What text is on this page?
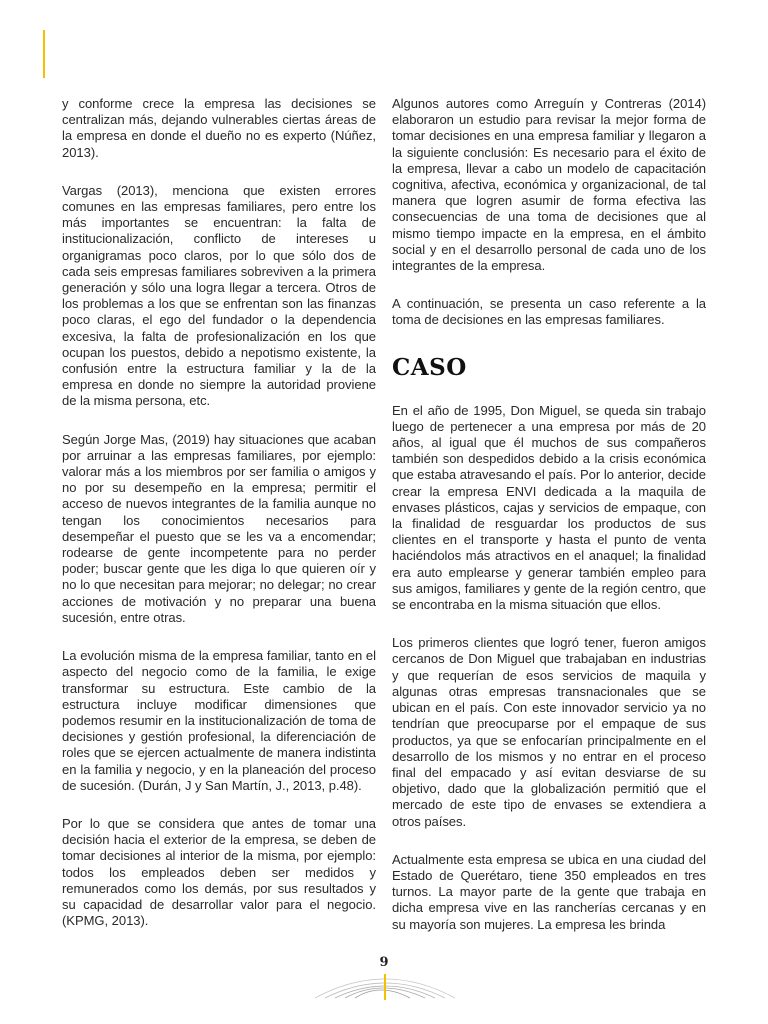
y conforme crece la empresa las decisiones se centralizan más, dejando vulnerables ciertas áreas de la empresa en donde el dueño no es experto (Núñez, 2013).

Vargas (2013), menciona que existen errores comunes en las empresas familiares, pero entre los más importantes se encuentran: la falta de institucionalización, conflicto de intereses u organigramas poco claros, por lo que sólo dos de cada seis empresas familiares sobreviven a la primera generación y sólo una logra llegar a tercera. Otros de los problemas a los que se enfrentan son las finanzas poco claras, el ego del fundador o la dependencia excesiva, la falta de profesionalización en los que ocupan los puestos, debido a nepotismo existente, la confusión entre la estructura familiar y la de la empresa en donde no siempre la autoridad proviene de la misma persona, etc.

Según Jorge Mas, (2019) hay situaciones que acaban por arruinar a las empresas familiares, por ejemplo: valorar más a los miembros por ser familia o amigos y no por su desempeño en la empresa; permitir el acceso de nuevos integrantes de la familia aunque no tengan los conocimientos necesarios para desempeñar el puesto que se les va a encomendar; rodearse de gente incompetente para no perder poder; buscar gente que les diga lo que quieren oír y no lo que necesitan para mejorar; no delegar; no crear acciones de motivación y no preparar una buena sucesión, entre otras.

La evolución misma de la empresa familiar, tanto en el aspecto del negocio como de la familia, le exige transformar su estructura. Este cambio de la estructura incluye modificar dimensiones que podemos resumir en la institucionalización de toma de decisiones y gestión profesional, la diferenciación de roles que se ejercen actualmente de manera indistinta en la familia y negocio, y en la planeación del proceso de sucesión. (Durán, J y San Martín, J., 2013, p.48).

Por lo que se considera que antes de tomar una decisión hacia el exterior de la empresa, se deben de tomar decisiones al interior de la misma, por ejemplo: todos los empleados deben ser medidos y remunerados como los demás, por sus resultados y su capacidad de desarrollar valor para el negocio. (KPMG, 2013).

Algunos autores como Arreguín y Contreras (2014) elaboraron un estudio para revisar la mejor forma de tomar decisiones en una empresa familiar y llegaron a la siguiente conclusión: Es necesario para el éxito de la empresa, llevar a cabo un modelo de capacitación cognitiva, afectiva, económica y organizacional, de tal manera que logren asumir de forma efectiva las consecuencias de una toma de decisiones que al mismo tiempo impacte en la empresa, en el ámbito social y en el desarrollo personal de cada uno de los integrantes de la empresa.

A continuación, se presenta un caso referente a la toma de decisiones en las empresas familiares.

CASO

En el año de 1995, Don Miguel, se queda sin trabajo luego de pertenecer a una empresa por más de 20 años, al igual que él muchos de sus compañeros también son despedidos debido a la crisis económica que estaba atravesando el país. Por lo anterior, decide crear la empresa ENVI dedicada a la maquila de envases plásticos, cajas y servicios de empaque, con la finalidad de resguardar los productos de sus clientes en el transporte y hasta el punto de venta haciéndolos más atractivos en el anaquel; la finalidad era auto emplearse y generar también empleo para sus amigos, familiares y gente de la región centro, que se encontraba en la misma situación que ellos.

Los primeros clientes que logró tener, fueron amigos cercanos de Don Miguel que trabajaban en industrias y que requerían de esos servicios de maquila y algunas otras empresas transnacionales que se ubican en el país. Con este innovador servicio ya no tendrían que preocuparse por el empaque de sus productos, ya que se enfocarían principalmente en el desarrollo de los mismos y no entrar en el proceso final del empacado y así evitan desviarse de su objetivo, dado que la globalización permitió que el mercado de este tipo de envases se extendiera a otros países.

Actualmente esta empresa se ubica en una ciudad del Estado de Querétaro, tiene 350 empleados en tres turnos. La mayor parte de la gente que trabaja en dicha empresa vive en las rancherías cercanas y en su mayoría son mujeres. La empresa les brinda

9
